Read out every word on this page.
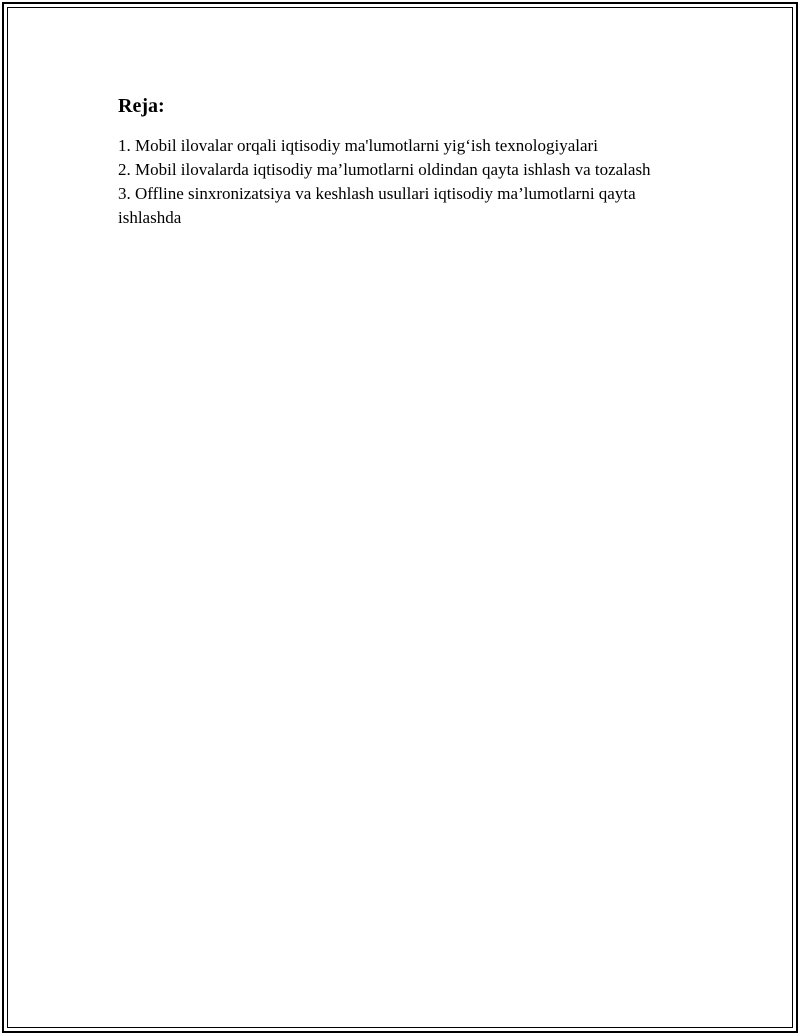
Reja:
1. Mobil ilovalar orqali iqtisodiy ma'lumotlarni yig‘ish texnologiyalari
2. Mobil ilovalarda iqtisodiy ma’lumotlarni oldindan qayta ishlash va tozalash
3. Offline sinxronizatsiya va keshlash usullari iqtisodiy ma’lumotlarni qayta ishlashda
